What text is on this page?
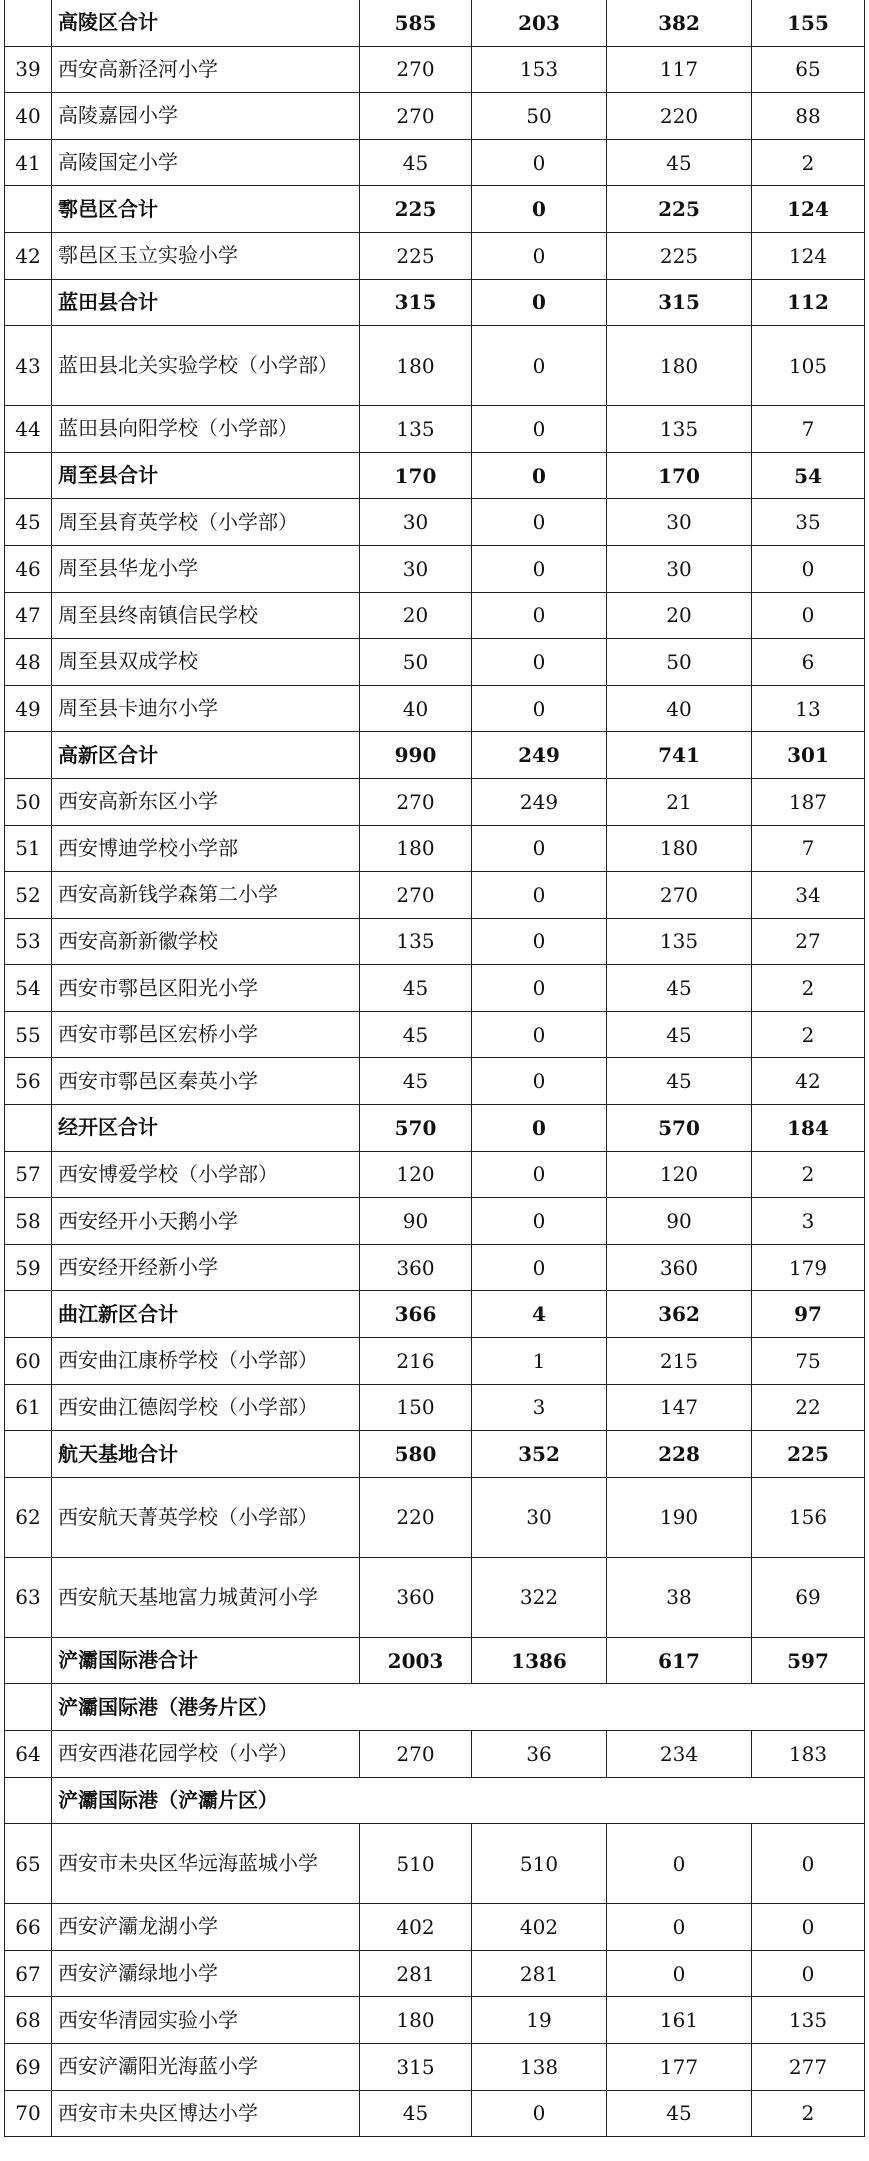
	高陵区合计	585	203	382	155
39	西安高新泾河小学	270	153	117	65
40	高陵嘉园小学	270	50	220	88
41	高陵国定小学	45	0	45	2
	鄠邑区合计	225	0	225	124
42	鄠邑区玉立实验小学	225	0	225	124
	蓝田县合计	315	0	315	112
43	蓝田县北关实验学校（小学部）	180	0	180	105
44	蓝田县向阳学校（小学部）	135	0	135	7
	周至县合计	170	0	170	54
45	周至县育英学校（小学部）	30	0	30	35
46	周至县华龙小学	30	0	30	0
47	周至县终南镇信民学校	20	0	20	0
48	周至县双成学校	50	0	50	6
49	周至县卡迪尔小学	40	0	40	13
	高新区合计	990	249	741	301
50	西安高新东区小学	270	249	21	187
51	西安博迪学校小学部	180	0	180	7
52	西安高新钱学森第二小学	270	0	270	34
53	西安高新新徽学校	135	0	135	27
54	西安市鄠邑区阳光小学	45	0	45	2
55	西安市鄠邑区宏桥小学	45	0	45	2
56	西安市鄠邑区秦英小学	45	0	45	42
	经开区合计	570	0	570	184
57	西安博爱学校（小学部）	120	0	120	2
58	西安经开小天鹅小学	90	0	90	3
59	西安经开经新小学	360	0	360	179
	曲江新区合计	366	4	362	97
60	西安曲江康桥学校（小学部）	216	1	215	75
61	西安曲江德闳学校（小学部）	150	3	147	22
	航天基地合计	580	352	228	225
62	西安航天菁英学校（小学部）	220	30	190	156
63	西安航天基地富力城黄河小学	360	322	38	69
	浐灞国际港合计	2003	1386	617	597
	浐灞国际港（港务片区）				
64	西安西港花园学校（小学）	270	36	234	183
	浐灞国际港（浐灞片区）				
65	西安市未央区华远海蓝城小学	510	510	0	0
66	西安浐灞龙湖小学	402	402	0	0
67	西安浐灞绿地小学	281	281	0	0
68	西安华清园实验小学	180	19	161	135
69	西安浐灞阳光海蓝小学	315	138	177	277
70	西安市未央区博达小学	45	0	45	2
